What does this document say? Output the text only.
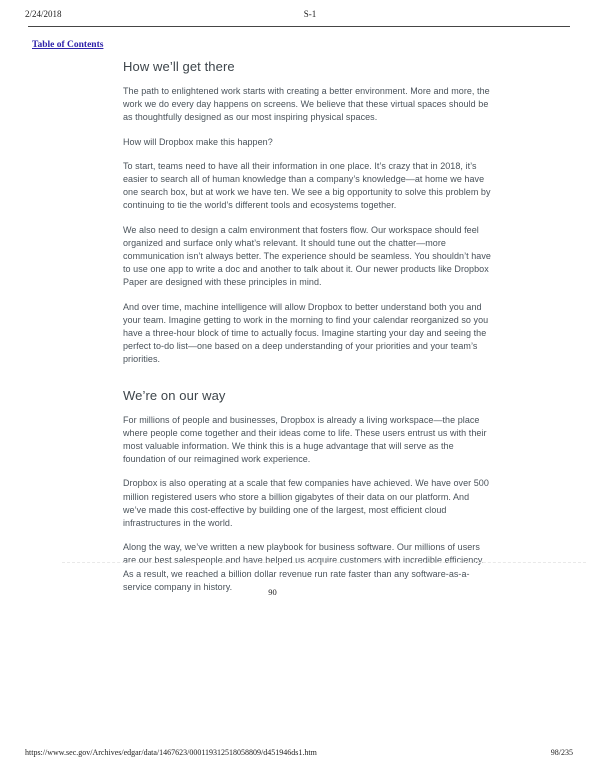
2/24/2018	S-1
Table of Contents
How we’ll get there

The path to enlightened work starts with creating a better environment. More and more, the work we do every day happens on screens. We believe that these virtual spaces should be as thoughtfully designed as our most inspiring physical spaces.

How will Dropbox make this happen?

To start, teams need to have all their information in one place. It’s crazy that in 2018, it’s easier to search all of human knowledge than a company’s knowledge—at home we have one search box, but at work we have ten. We see a big opportunity to solve this problem by continuing to tie the world’s different tools and ecosystems together.

We also need to design a calm environment that fosters flow. Our workspace should feel organized and surface only what’s relevant. It should tune out the chatter—more communication isn’t always better. The experience should be seamless. You shouldn’t have to use one app to write a doc and another to talk about it. Our newer products like Dropbox Paper are designed with these principles in mind.

And over time, machine intelligence will allow Dropbox to better understand both you and your team. Imagine getting to work in the morning to find your calendar reorganized so you have a three-hour block of time to actually focus. Imagine starting your day and seeing the perfect to-do list—one based on a deep understanding of your priorities and your team’s priorities.

We’re on our way

For millions of people and businesses, Dropbox is already a living workspace—the place where people come together and their ideas come to life. These users entrust us with their most valuable information. We think this is a huge advantage that will serve as the foundation of our reimagined work experience.

Dropbox is also operating at a scale that few companies have achieved. We have over 500 million registered users who store a billion gigabytes of their data on our platform. And we’ve made this cost-effective by building one of the largest, most efficient cloud infrastructures in the world.

Along the way, we’ve written a new playbook for business software. Our millions of users are our best salespeople and have helped us acquire customers with incredible efficiency. As a result, we reached a billion dollar revenue run rate faster than any software-as-a-service company in history.

90
https://www.sec.gov/Archives/edgar/data/1467623/000119312518058809/d451946ds1.htm	98/235
